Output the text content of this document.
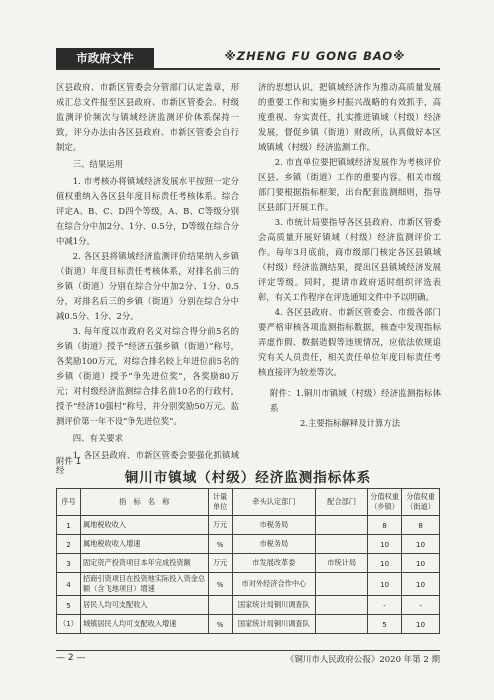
市政府文件	※ZHENG FU GONG BAO※

区县政府、市新区管委会分管部门认定盖章，形成汇总文件报至区县政府、市新区管委会。村级监测评价频次与镇域经济监测评价体系保持一致，评分办法由各区县政府、市新区管委会自行制定。

三、结果运用

1. 市考核办将镇域经济发展水平按照一定分值权重纳入各区县年度目标责任考核体系。综合评定A、B、C、D四个等级，A、B、C等级分别在综合分中加2分、1分、0.5分，D等级在综合分中减1分。

2. 各区县将镇域经济监测评价结果纳入乡镇（街道）年度目标责任考核体系，对排名前三的乡镇（街道）分别在综合分中加2分、1分、0.5分，对排名后三的乡镇（街道）分别在综合分中减0.5分、1分、2分。

3. 每年度以市政府名义对综合得分前5名的乡镇（街道）授予“经济五强乡镇（街道）”称号，各奖励100万元，对综合排名较上年进位前5名的乡镇（街道）授予“争先进位奖”，各奖励80万元；对村级经济监测综合排名前10名的行政村，授予“经济10强村”称号，并分别奖励50万元。监测评价第一年不设“争先进位奖”。

四、有关要求

1. 各区县政府、市新区管委会要强化抓镇域经

济的思想认识，把镇域经济作为推动高质量发展的重要工作和实施乡村振兴战略的有效抓手，高度重视、夯实责任，扎实推进镇域（村级）经济发展，督促乡镇（街道）财政所，认真做好本区域镇域（村级）经济监测工作。

2. 市直单位要把镇域经济发展作为考核评价区县、乡镇（街道）工作的重要内容。相关市级部门要根据指标框架，出台配套监测细则，指导区县部门开展工作。

3. 市统计局要指导各区县政府、市新区管委会高质量开展好镇域（村级）经济监测评价工作。每年3月底前，商市级部门核定各区县镇域（村级）经济监测结果，提出区县镇域经济发展评定等级。同时，提请市政府适时组织评选表彰，有关工作程序在评选通知文件中予以明确。

4. 各区县政府、市新区管委会、市级各部门要严格审核各项监测指标数据，核查中发现指标弄虚作假、数据造假等违规情况，应依法依规追究有关人员责任，相关责任单位年度目标责任考核直接评为较差等次。

附件：1.铜川市镇域（村级）经济监测指标体系

2.主要指标解释及计算方法

附件 1
铜川市镇域（村级）经济监测指标体系
序号	指　标　名　称	计量单位	牵头认定部门	配合部门	分值权重（乡镇）	分值权重（街道）
1	属地税收收入	万元	市税务局		8	8
2	属地税收收入增速	%	市税务局		10	10
3	固定资产投资项目本年完成投资额	万元	市发展改革委	市统计局	10	10
4	招商引资项目在投资地实际投入资金总额（含飞地项目）增速	%	市对外经济合作中心		10	10
5	居民人均可支配收入		国家统计局铜川调查队		-	-
（1）	城镇居民人均可支配收入增速	%	国家统计局铜川调查队		5	10
— 2 —	《铜川市人民政府公报》2020 年第 2 期
